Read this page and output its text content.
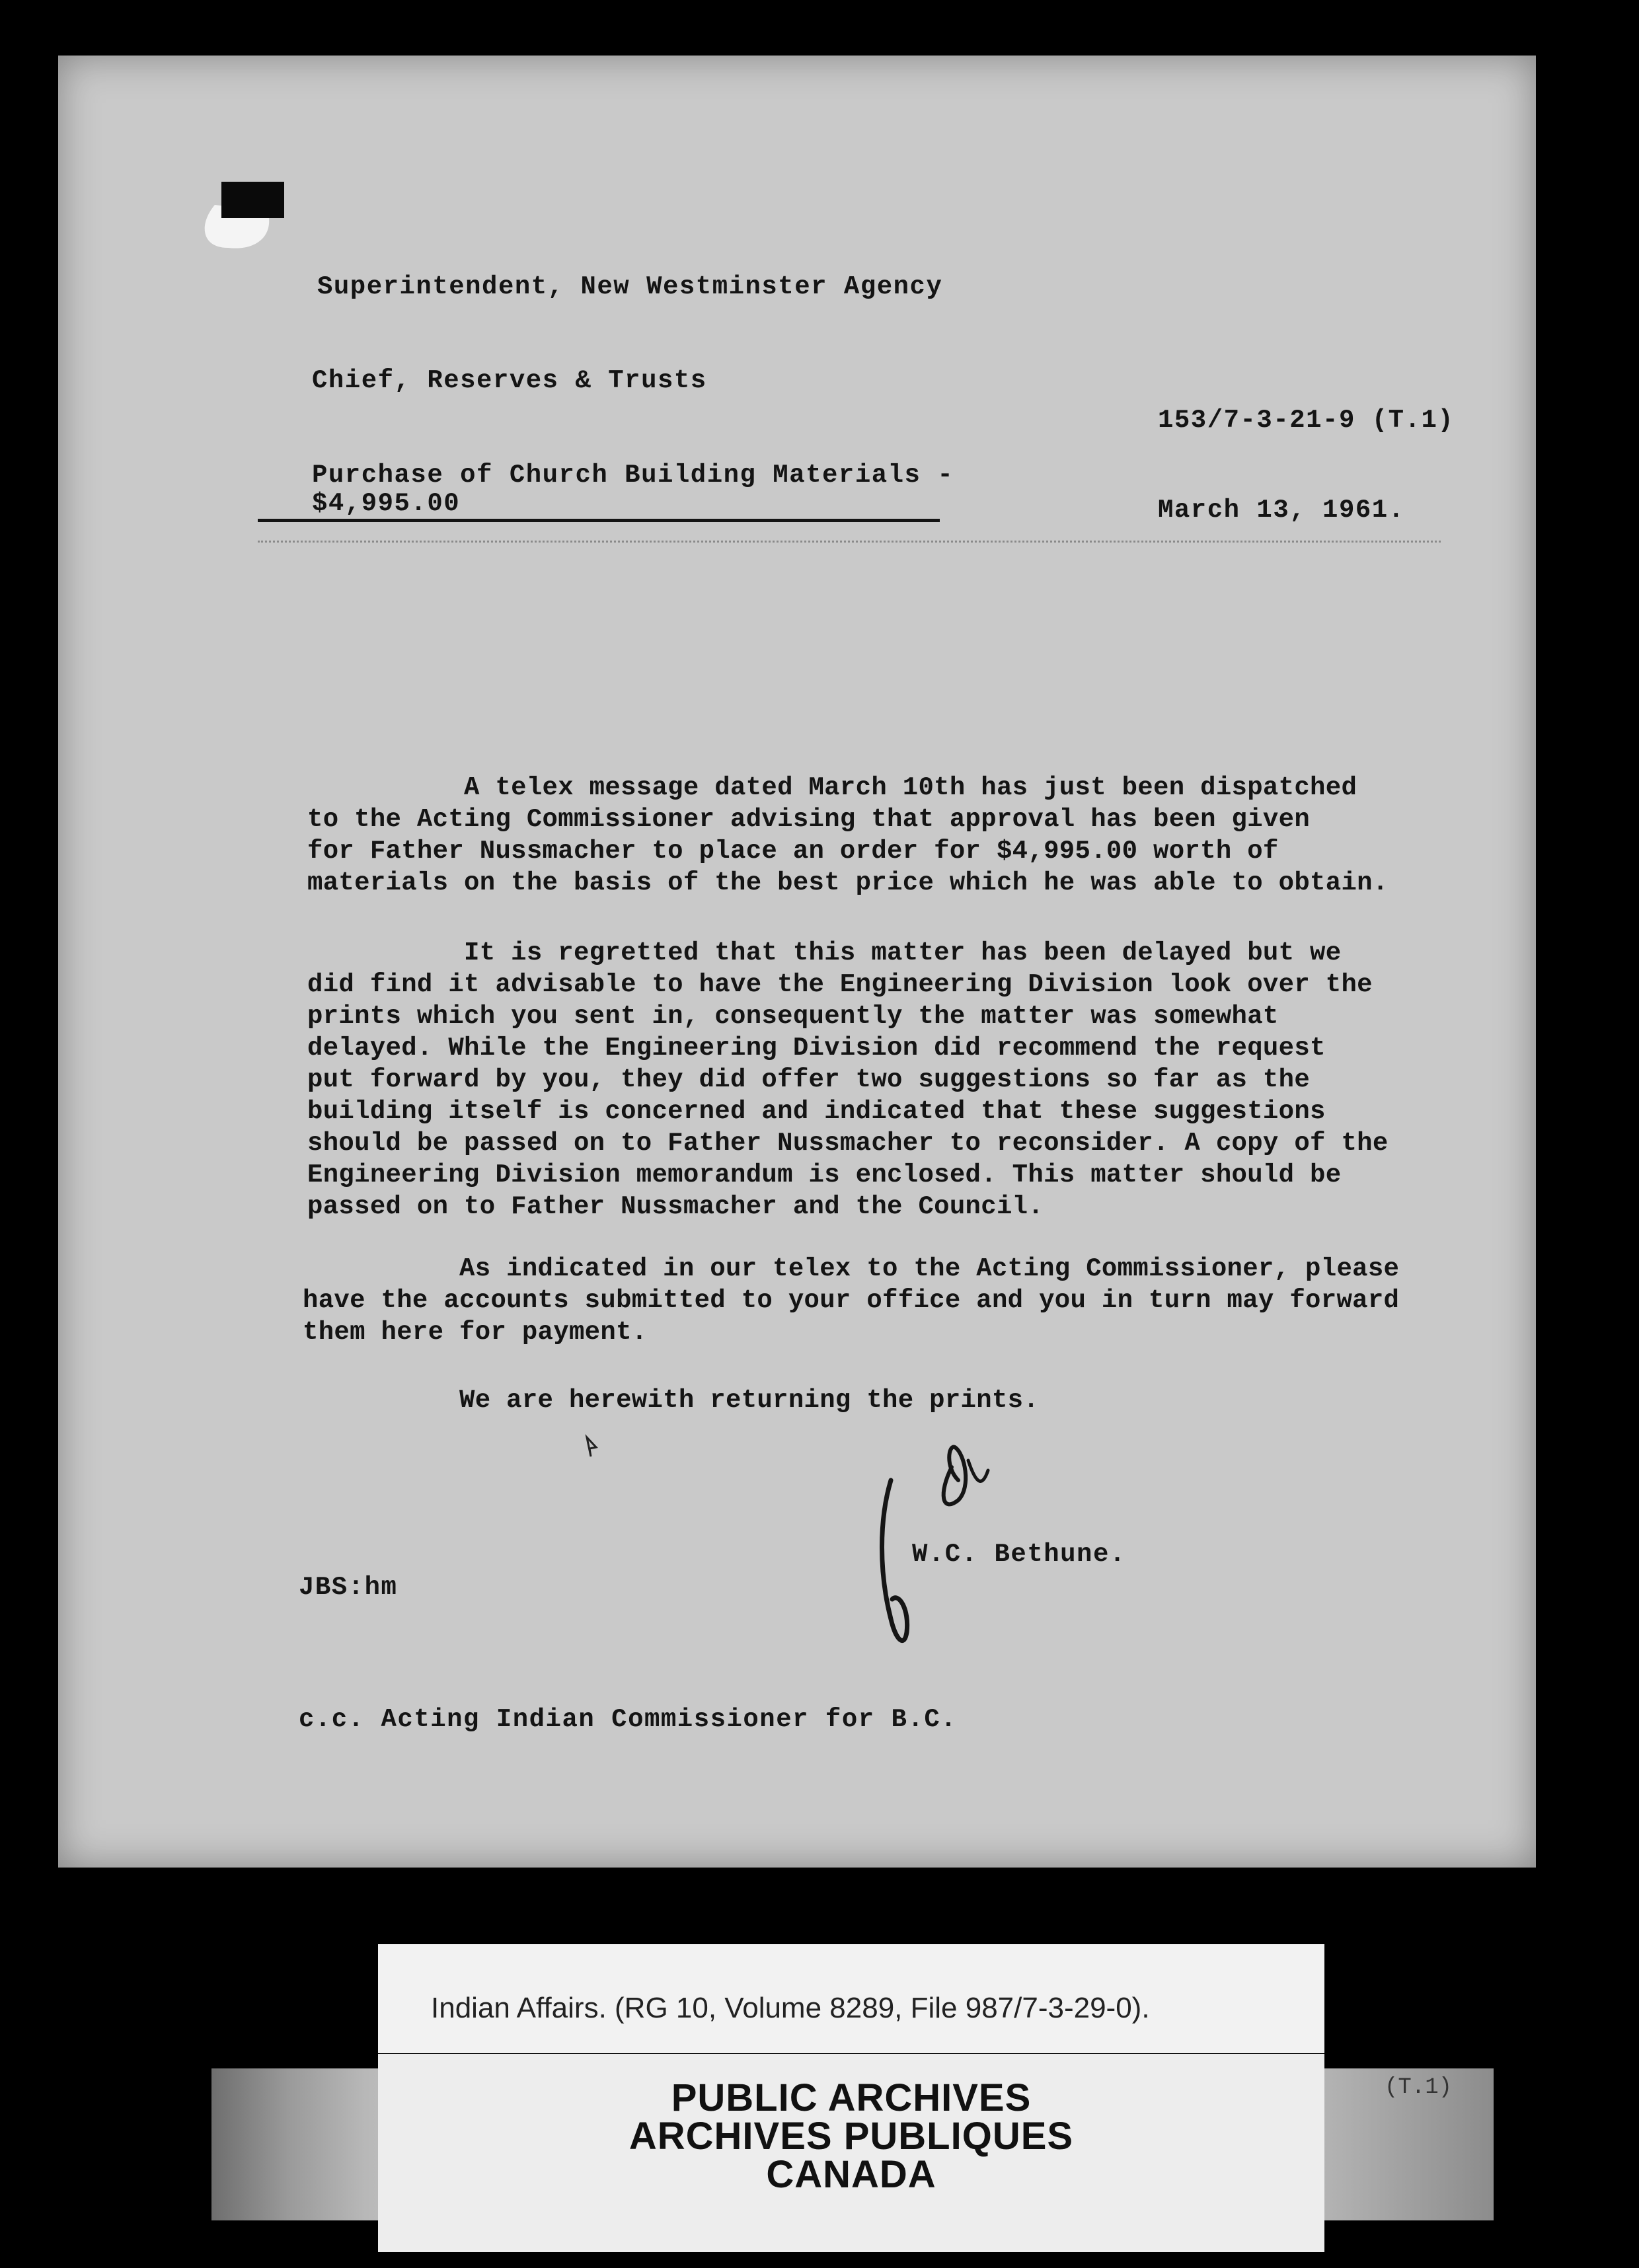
Superintendent, New Westminster Agency
Chief, Reserves & Trusts
153/7-3-21-9 (T.1)
Purchase of Church Building Materials -
$4,995.00	March 13, 1961.
A telex message dated March 10th has just been dispatched
to the Acting Commissioner advising that approval has been given
for Father Nussmacher to place an order for $4,995.00 worth of
materials on the basis of the best price which he was able to obtain.
It is regretted that this matter has been delayed but we
did find it advisable to have the Engineering Division look over the
prints which you sent in, consequently the matter was somewhat
delayed. While the Engineering Division did recommend the request
put forward by you, they did offer two suggestions so far as the
building itself is concerned and indicated that these suggestions
should be passed on to Father Nussmacher to reconsider. A copy of the
Engineering Division memorandum is enclosed. This matter should be
passed on to Father Nussmacher and the Council.
As indicated in our telex to the Acting Commissioner, please
have the accounts submitted to your office and you in turn may forward
them here for payment.
We are herewith returning the prints.
W.C. Bethune.
JBS:hm
c.c. Acting Indian Commissioner for B.C.
Indian Affairs. (RG 10, Volume 8289, File 987/7-3-29-0).
PUBLIC ARCHIVES
ARCHIVES PUBLIQUES
CANADA
(T.1)
